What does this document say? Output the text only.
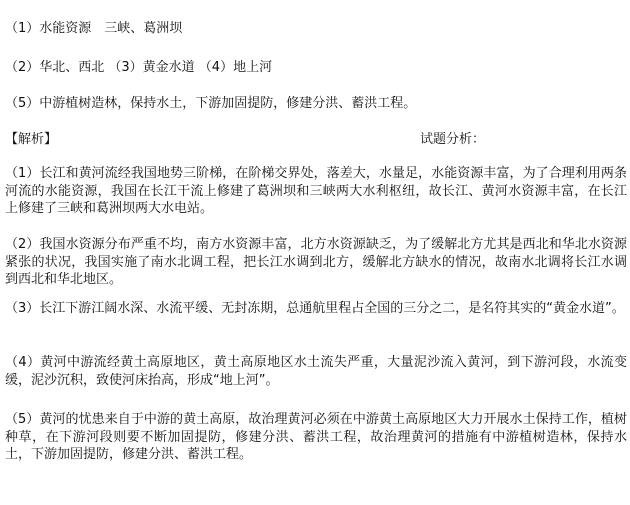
（1）水能资源　三峡、葛洲坝
（2）华北、西北 （3）黄金水道 （4）地上河
（5）中游植树造林，保持水土，下游加固提防，修建分洪、蓄洪工程。
【解析】	试题分析：
（1）长江和黄河流经我国地势三阶梯，在阶梯交界处，落差大，水量足，水能资源丰富，为了合理利用两条河流的水能资源，我国在长江干流上修建了葛洲坝和三峡两大水利枢纽，故长江、黄河水资源丰富，在长江上修建了三峡和葛洲坝两大水电站。
（2）我国水资源分布严重不均，南方水资源丰富，北方水资源缺乏，为了缓解北方尤其是西北和华北水资源紧张的状况，我国实施了南水北调工程，把长江水调到北方，缓解北方缺水的情况，故南水北调将长江水调到西北和华北地区。
（3）长江下游江阔水深、水流平缓、无封冻期，总通航里程占全国的三分之二，是名符其实的“黄金水道”。
（4）黄河中游流经黄土高原地区，黄土高原地区水土流失严重，大量泥沙流入黄河，到下游河段，水流变缓，泥沙沉积，致使河床抬高，形成“地上河”。
（5）黄河的忧患来自于中游的黄土高原，故治理黄河必须在中游黄土高原地区大力开展水土保持工作，植树种草，在下游河段则要不断加固提防，修建分洪、蓄洪工程，故治理黄河的措施有中游植树造林，保持水土，下游加固提防，修建分洪、蓄洪工程。
